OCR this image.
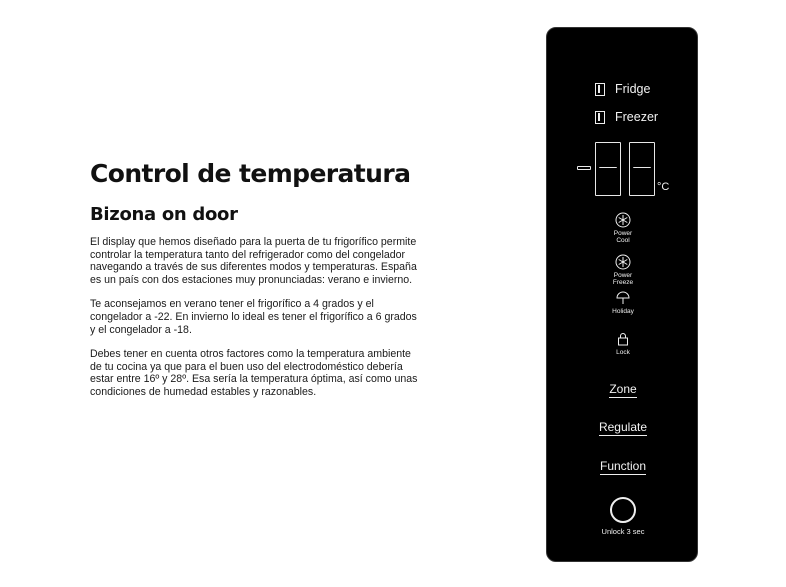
Control de temperatura
Bizona on door

El display que hemos diseñado para la puerta de tu frigorífico permite controlar la temperatura tanto del refrigerador como del congelador navegando a través de sus diferentes modos y temperaturas. España es un país con dos estaciones muy pronunciadas: verano e invierno.

Te aconsejamos en verano tener el frigorífico a 4 grados y el congelador a -22. En invierno lo ideal es tener el frigorífico a 6 grados y el congelador a -18.

Debes tener en cuenta otros factores como la temperatura ambiente de tu cocina ya que para el buen uso del electrodoméstico debería estar entre 16º y 28º. Esa sería la temperatura óptima, así como unas condiciones de humedad estables y razonables.

Fridge
Freezer
°C
Power
Cool
Power
Freeze
Holiday
Lock
Zone
Regulate
Function
Unlock 3 sec
